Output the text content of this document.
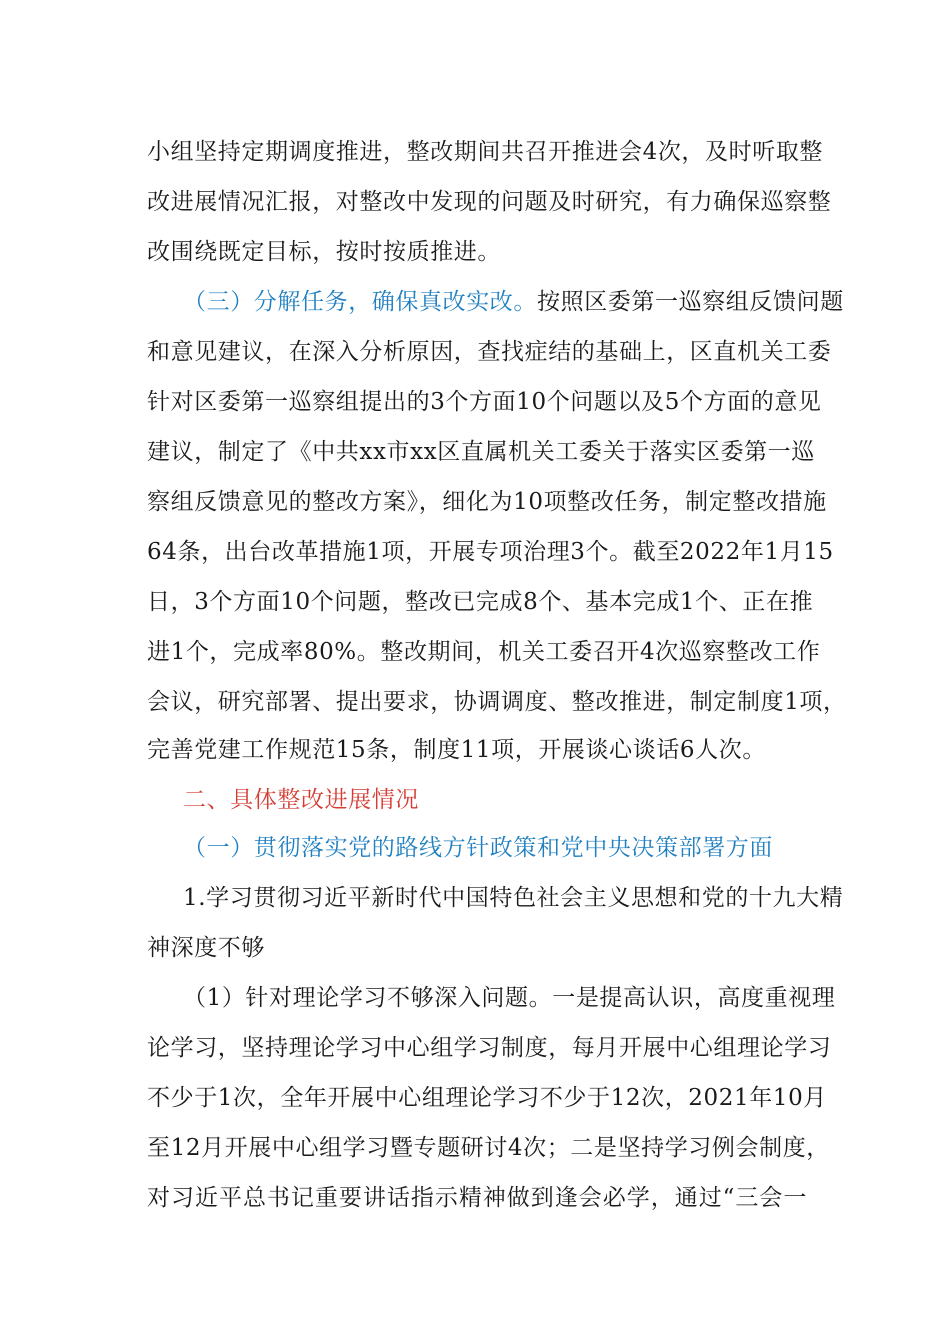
小组坚持定期调度推进，整改期间共召开推进会4次，及时听取整

改进展情况汇报，对整改中发现的问题及时研究，有力确保巡察整

改围绕既定目标，按时按质推进。

（三）分解任务，确保真改实改。按照区委第一巡察组反馈问题

和意见建议，在深入分析原因，查找症结的基础上，区直机关工委

针对区委第一巡察组提出的3个方面10个问题以及5个方面的意见

建议，制定了《中共xx市xx区直属机关工委关于落实区委第一巡

察组反馈意见的整改方案》，细化为10项整改任务，制定整改措施

64条，出台改革措施1项，开展专项治理3个。截至2022年1月15

日，3个方面10个问题，整改已完成8个、基本完成1个、正在推

进1个，完成率80%。整改期间，机关工委召开4次巡察整改工作

会议，研究部署、提出要求，协调调度、整改推进，制定制度1项，

完善党建工作规范15条，制度11项，开展谈心谈话6人次。

二、具体整改进展情况

（一）贯彻落实党的路线方针政策和党中央决策部署方面

1.学习贯彻习近平新时代中国特色社会主义思想和党的十九大精

神深度不够

（1）针对理论学习不够深入问题。一是提高认识，高度重视理

论学习，坚持理论学习中心组学习制度，每月开展中心组理论学习

不少于1次，全年开展中心组理论学习不少于12次，2021年10月

至12月开展中心组学习暨专题研讨4次；二是坚持学习例会制度，

对习近平总书记重要讲话指示精神做到逢会必学，通过“三会一
